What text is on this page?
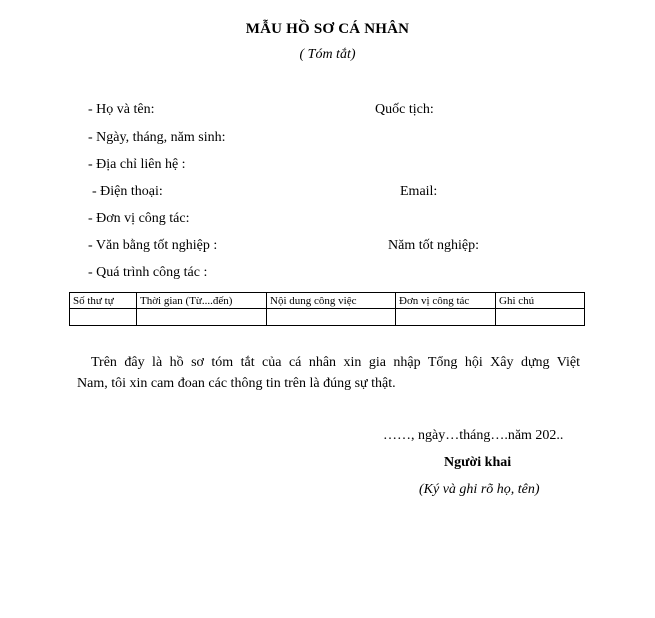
MẪU HỒ SƠ CÁ NHÂN
( Tóm tắt)
- Họ và tên:	Quốc tịch:
- Ngày, tháng, năm sinh:
- Địa chỉ liên hệ :
- Điện thoại:	Email:
- Đơn vị công tác:
- Văn bằng tốt nghiệp :	Năm tốt nghiệp:
- Quá trình công tác :
Số thư tự	Thời gian (Từ....đến)	Nội dung công việc	Đơn vị công tác	Ghi chú

Trên đây là hồ sơ tóm tắt của cá nhân xin gia nhập Tổng hội Xây dựng Việt
Nam, tôi xin cam đoan các thông tin trên là đúng sự thật.
……, ngày…tháng….năm 202..
Người khai
(Ký và ghi rõ họ, tên)
